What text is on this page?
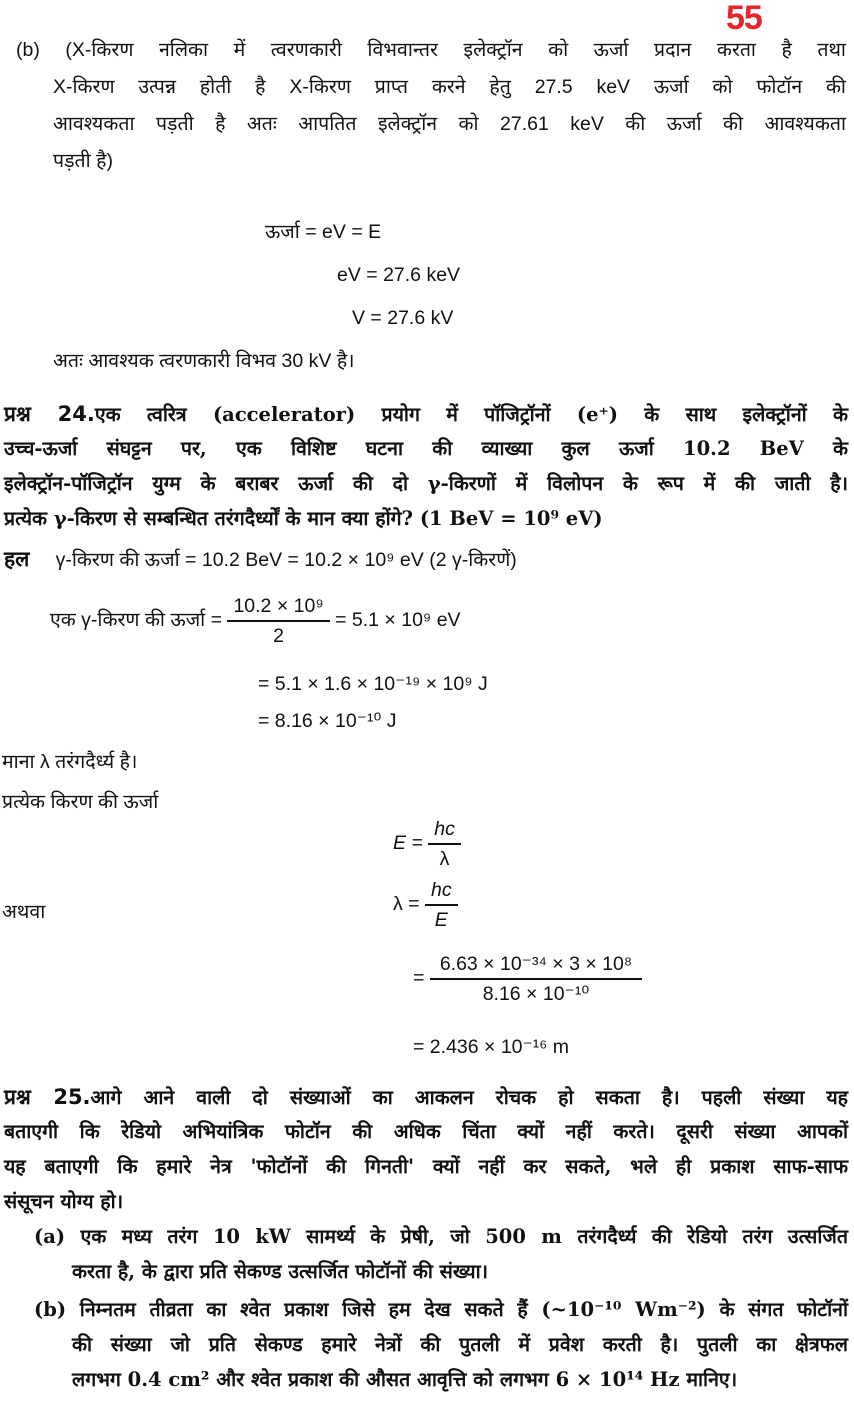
55
(b) (X-किरण नलिका में त्वरणकारी विभवान्तर इलेक्ट्रॉन को ऊर्जा प्रदान करता है तथा
X-किरण उत्पन्न होती है X-किरण प्राप्त करने हेतु 27.5 keV ऊर्जा को फोटॉन की
आवश्यकता पड़ती है अतः आपतित इलेक्ट्रॉन को 27.61 keV की ऊर्जा की आवश्यकता
पड़ती है)
ऊर्जा = eV = E
eV = 27.6 keV
V = 27.6 kV
अतः आवश्यक त्वरणकारी विभव 30 kV है।
प्रश्न 24.एक त्वरित्र (accelerator) प्रयोग में पॉजिट्रॉनों (e⁺) के साथ इलेक्ट्रॉनों के
उच्च-ऊर्जा संघट्टन पर, एक विशिष्ट घटना की व्याख्या कुल ऊर्जा 10.2 BeV के
इलेक्ट्रॉन-पॉजिट्रॉन युग्म के बराबर ऊर्जा की दो γ-किरणों में विलोपन के रूप में की जाती है।
प्रत्येक γ-किरण से सम्बन्धित तरंगदैर्ध्यों के मान क्या होंगे? (1 BeV = 10⁹ eV)
हल γ-किरण की ऊर्जा = 10.2 BeV = 10.2 × 10⁹ eV (2 γ-किरणें)
एक γ-किरण की ऊर्जा = $\frac{\text{10.2 × 10⁹}}{2} = 5.1 \times 10^9$ eV
= 5.1 × 1.6 × 10⁻¹⁹ × 10⁹ J
= 8.16 × 10⁻¹⁰ J
माना λ तरंगदैर्ध्य है।
प्रत्येक किरण की ऊर्जा
$E = \frac{hc}{\lambda}$
अथवा	$\lambda = \frac{hc}{E}$
= $\frac{\text{6.63 × 10⁻³⁴ × 3 × 10⁸}}{\text{8.16 × 10⁻¹⁰}}$
= 2.436 × 10⁻¹⁶ m
प्रश्न 25.आगे आने वाली दो संख्याओं का आकलन रोचक हो सकता है। पहली संख्या यह
बताएगी कि रेडियो अभियांत्रिक फोटॉन की अधिक चिंता क्यों नहीं करते। दूसरी संख्या आपकों
यह बताएगी कि हमारे नेत्र 'फोटॉनों की गिनती' क्यों नहीं कर सकते, भले ही प्रकाश साफ-साफ
संसूचन योग्य हो।
(a) एक मध्य तरंग 10 kW सामर्थ्य के प्रेषी, जो 500 m तरंगदैर्ध्य की रेडियो तरंग उत्सर्जित
करता है, के द्वारा प्रति सेकण्ड उत्सर्जित फोटॉनों की संख्या।
(b) निम्नतम तीव्रता का श्वेत प्रकाश जिसे हम देख सकते हैं (~10⁻¹⁰ Wm⁻²) के संगत फोटॉनों
की संख्या जो प्रति सेकण्ड हमारे नेत्रों की पुतली में प्रवेश करती है। पुतली का क्षेत्रफल
लगभग 0.4 cm² और श्वेत प्रकाश की औसत आवृत्ति को लगभग 6 × 10¹⁴ Hz मानिए।
